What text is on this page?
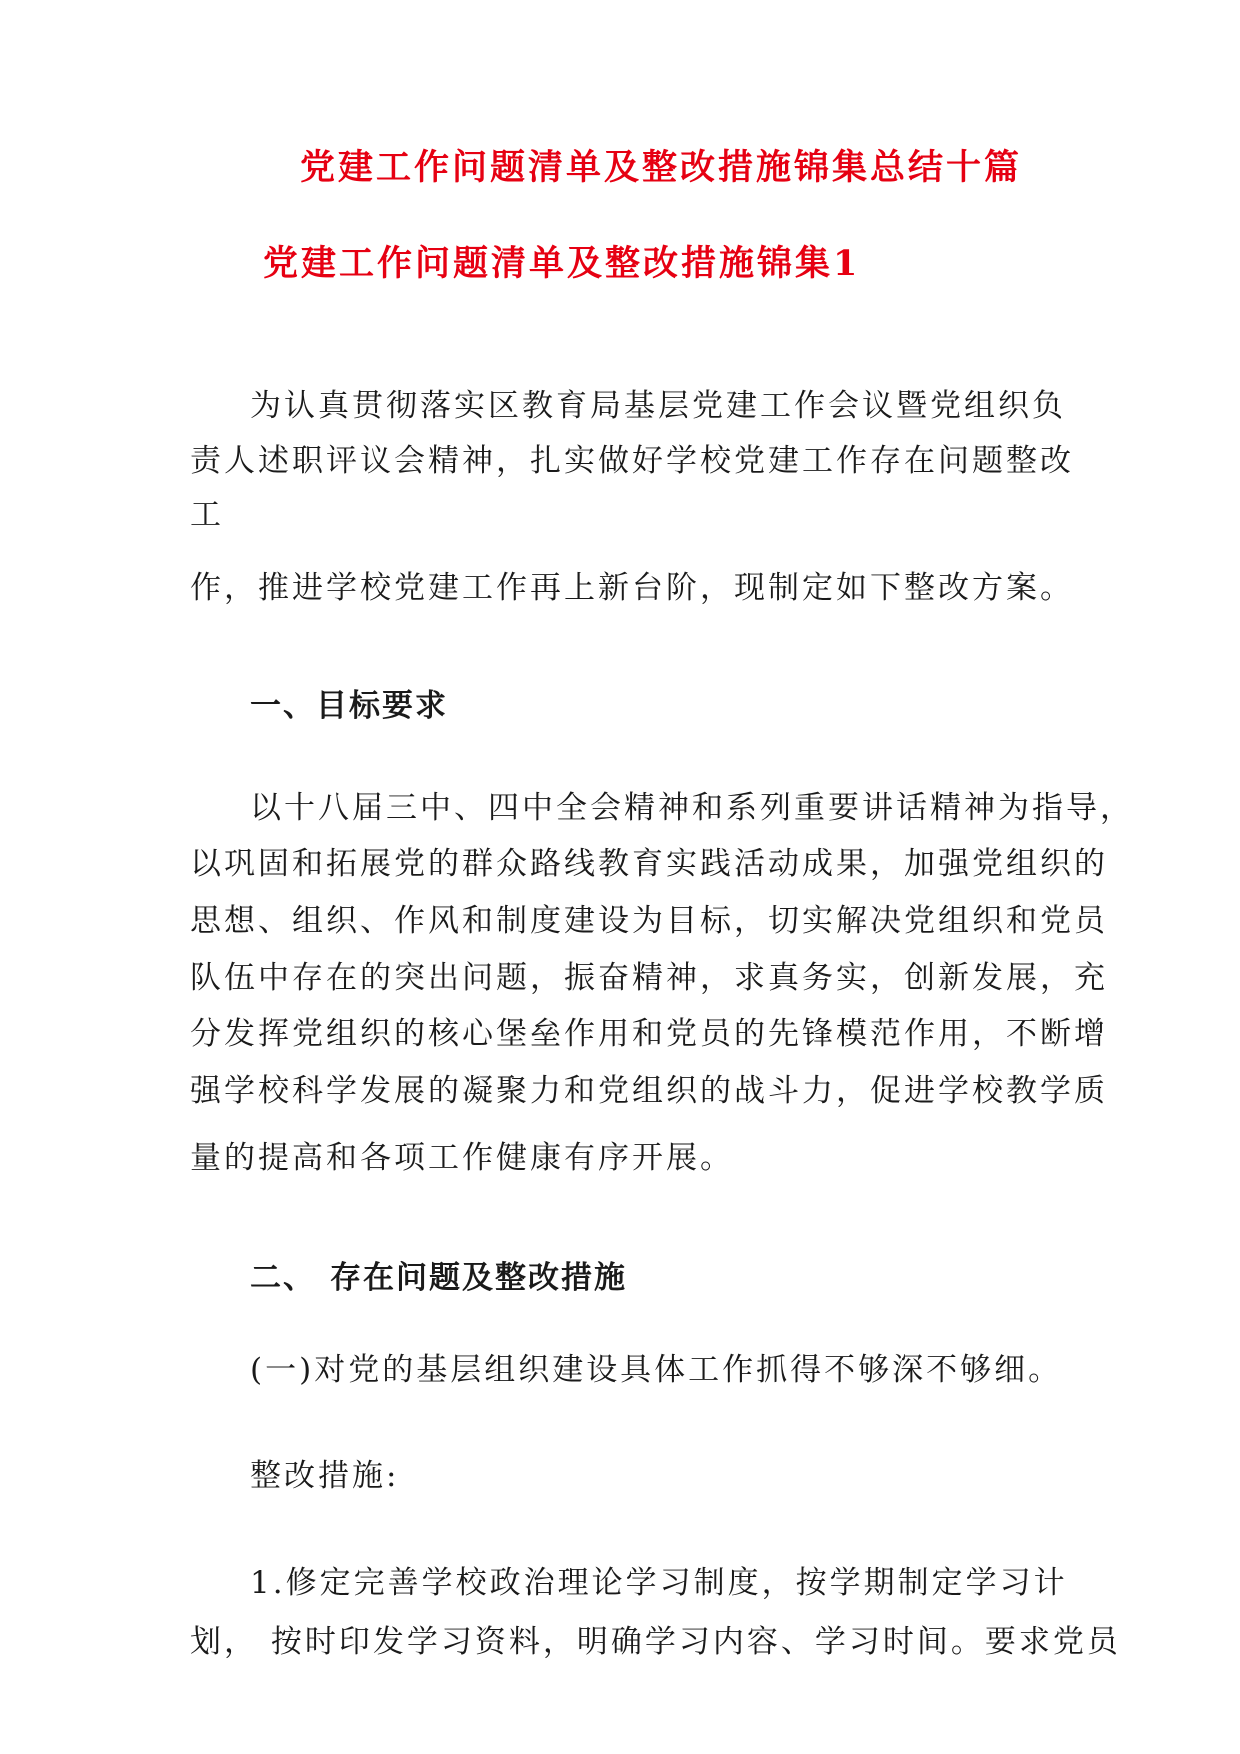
党建工作问题清单及整改措施锦集总结十篇
党建工作问题清单及整改措施锦集1

为认真贯彻落实区教育局基层党建工作会议暨党组织负

责人述职评议会精神，扎实做好学校党建工作存在问题整改

工

作，推进学校党建工作再上新台阶，现制定如下整改方案。

一、目标要求

以十八届三中、四中全会精神和系列重要讲话精神为指导，

以巩固和拓展党的群众路线教育实践活动成果，加强党组织的

思想、组织、作风和制度建设为目标，切实解决党组织和党员

队伍中存在的突出问题，振奋精神，求真务实，创新发展，充

分发挥党组织的核心堡垒作用和党员的先锋模范作用，不断增

强学校科学发展的凝聚力和党组织的战斗力，促进学校教学质

量的提高和各项工作健康有序开展。

二、 存在问题及整改措施

(一)对党的基层组织建设具体工作抓得不够深不够细。

整改措施:

1.修定完善学校政治理论学习制度，按学期制定学习计

划， 按时印发学习资料，明确学习内容、学习时间。要求党员
